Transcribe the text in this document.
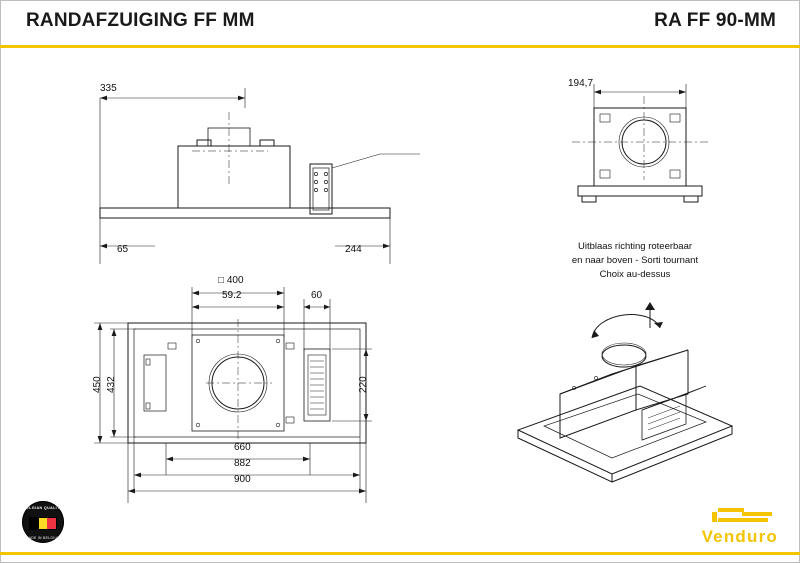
RANDAFZUIGING FF MM	RA FF 90-MM
335
65	244
194,7
Uitblaas richting roteerbaar
en naar boven - Sorti tournant
Choix au-dessus
□ 400
59.2	60
450 432	220
660
882
900
BELGIAN QUALITY
MADE IN BELGIUM	Venduro
